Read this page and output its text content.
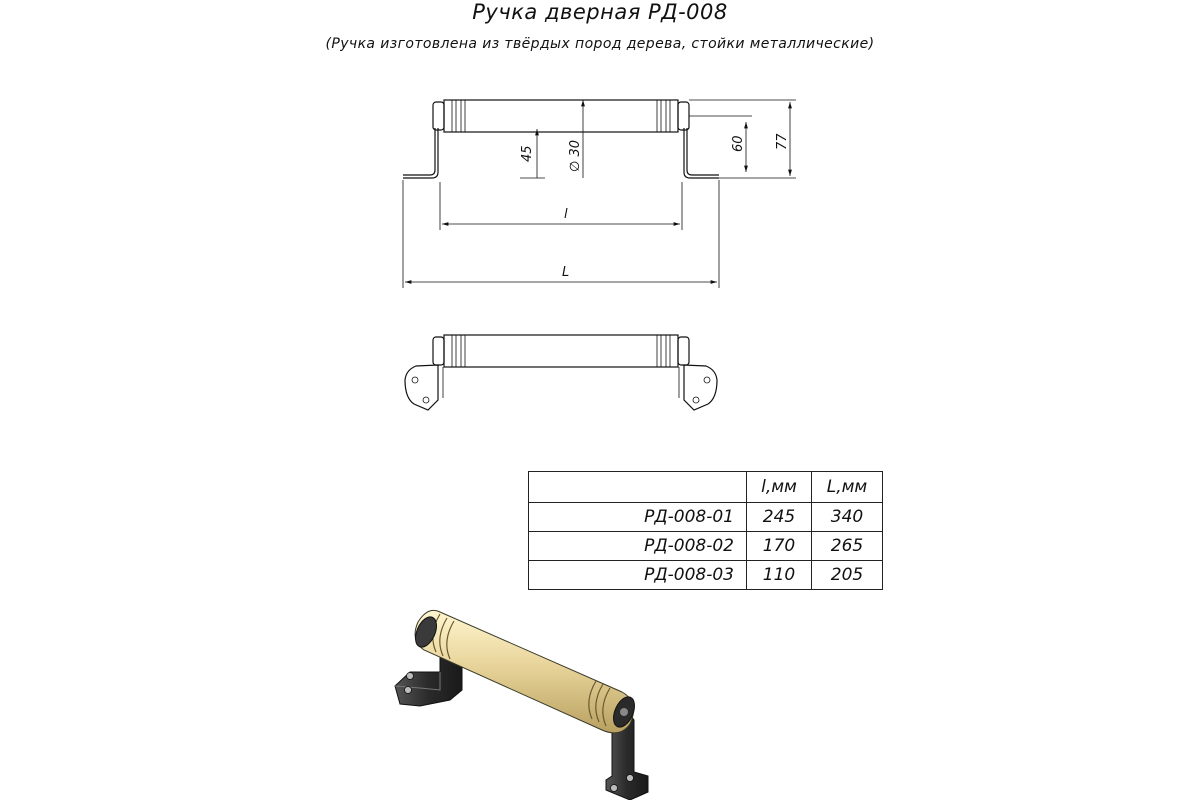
Ручка дверная РД-008
(Ручка изготовлена из твёрдых пород дерева, стойки металлические)
45	∅ 30	60 77
l
L
	l,мм	L,мм
РД-008-01	245	340
РД-008-02	170	265
РД-008-03	110	205
